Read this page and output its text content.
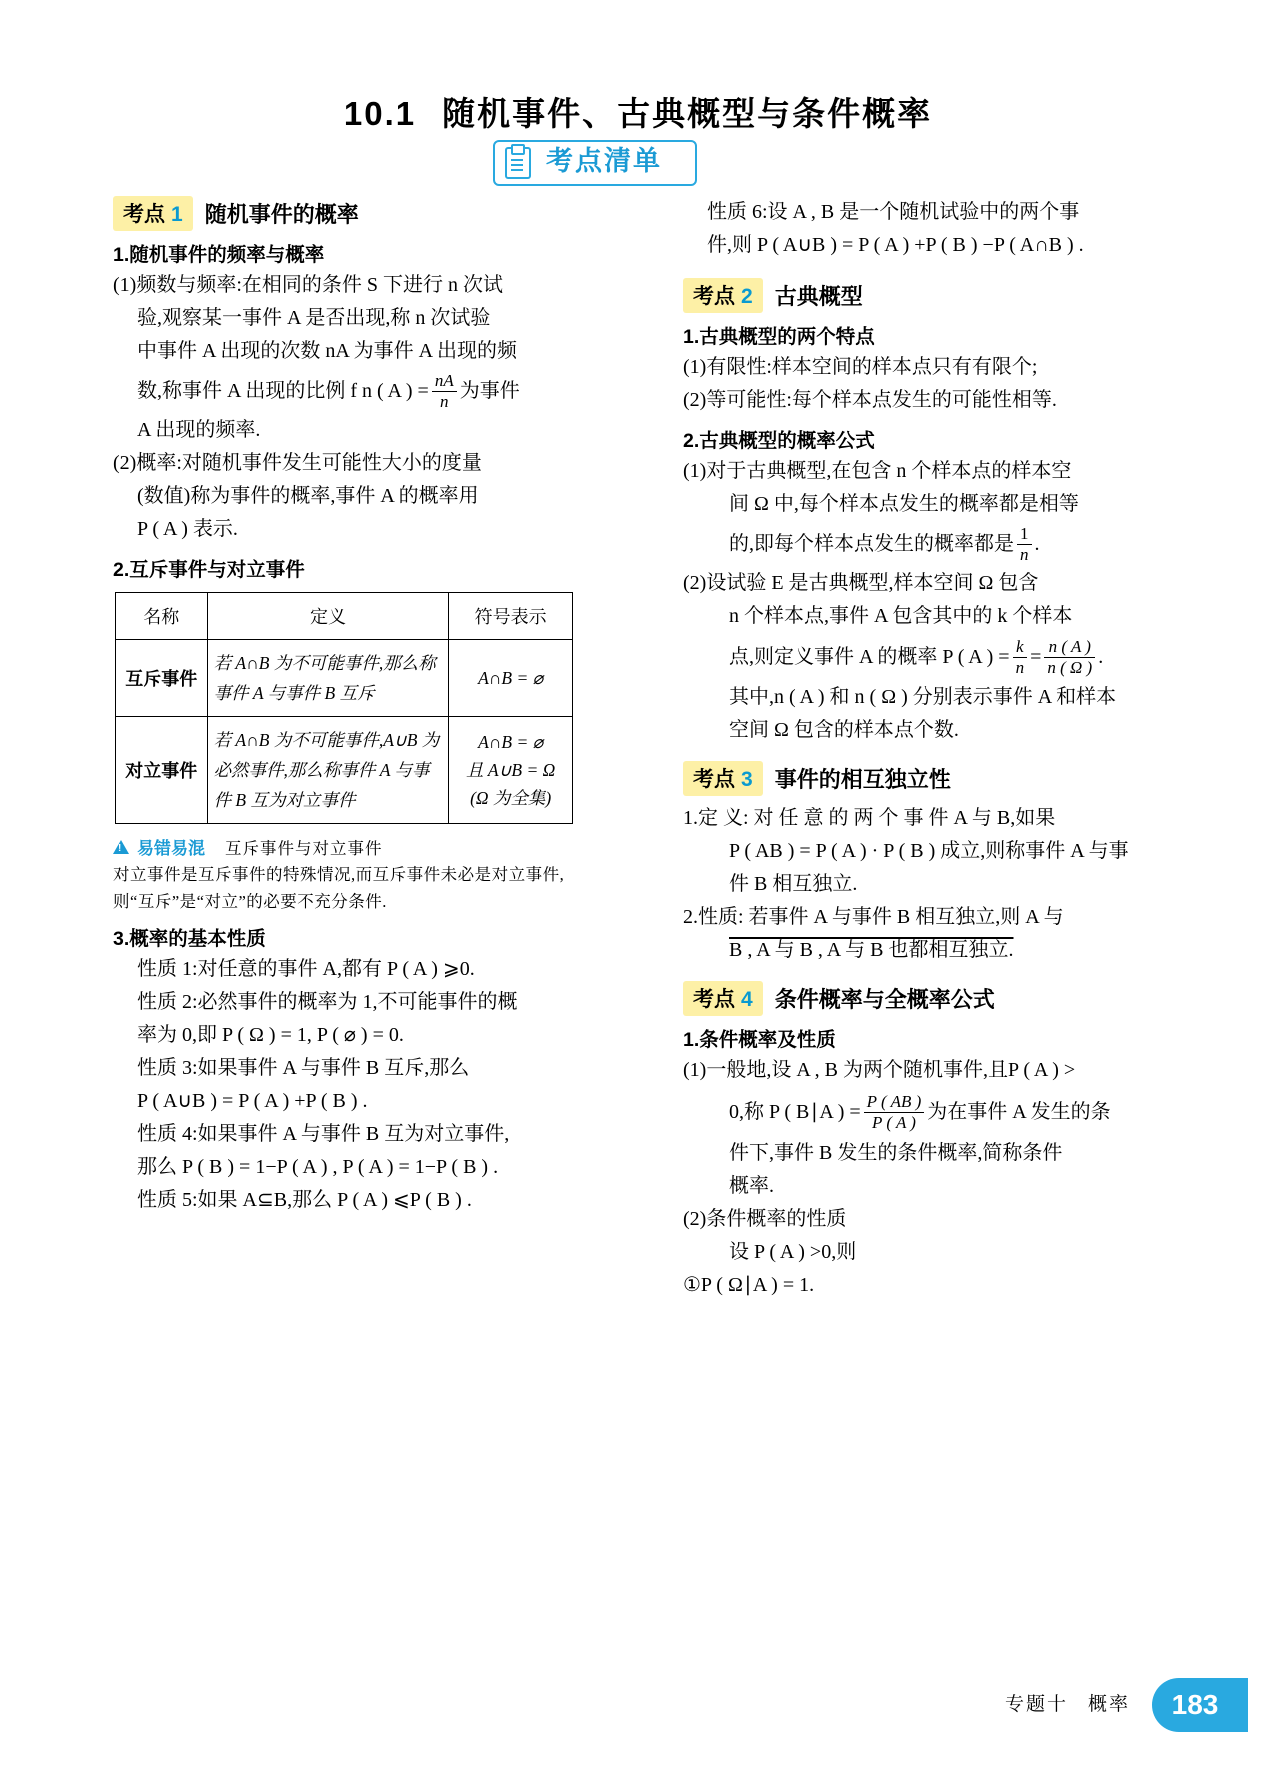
10.1 随机事件、古典概型与条件概率
考点清单
考点 1	随机事件的概率
1.随机事件的频率与概率

(1)频数与频率:在相同的条件 S 下进行 n 次试

验,观察某一事件 A 是否出现,称 n 次试验

中事件 A 出现的次数 nA 为事件 A 出现的频

数,称事件 A 出现的比例 f n ( A ) = $\frac{nA}{n}$ 为事件

A 出现的频率.

(2)概率:对随机事件发生可能性大小的度量

(数值)称为事件的概率,事件 A 的概率用

P ( A ) 表示.

2.互斥事件与对立事件
名称	定义	符号表示
互斥事件	若 A∩B 为不可能事件,那么称事件 A 与事件 B 互斥	A∩B = ⌀

对立事件	若 A∩B 为不可能事件,A∪B 为必然事件,那么称事件 A 与事件 B 互为对立事件	A∩B = ⌀
且 A∪B = Ω
(Ω 为全集)
!
易错易混 互斥事件与对立事件
对立事件是互斥事件的特殊情况,而互斥事件未必是对立事件,则“互斥”是“对立”的必要不充分条件.
3.概率的基本性质

性质 1:对任意的事件 A,都有 P ( A ) ⩾0.

性质 2:必然事件的概率为 1,不可能事件的概

率为 0,即 P ( Ω ) = 1, P ( ⌀ ) = 0.

性质 3:如果事件 A 与事件 B 互斥,那么

P ( A∪B ) = P ( A ) +P ( B ) .

性质 4:如果事件 A 与事件 B 互为对立事件,

那么 P ( B ) = 1−P ( A ) , P ( A ) = 1−P ( B ) .

性质 5:如果 A⊆B,那么 P ( A ) ⩽P ( B ) .

性质 6:设 A , B 是一个随机试验中的两个事

件,则 P ( A∪B ) = P ( A ) +P ( B ) −P ( A∩B ) .

考点 2	古典概型
1.古典概型的两个特点

(1)有限性:样本空间的样本点只有有限个;

(2)等可能性:每个样本点发生的可能性相等.

2.古典概型的概率公式

(1)对于古典概型,在包含 n 个样本点的样本空

间 Ω 中,每个样本点发生的概率都是相等

的,即每个样本点发生的概率都是 $\frac{1}{n}$ .

(2)设试验 E 是古典概型,样本空间 Ω 包含

n 个样本点,事件 A 包含其中的 k 个样本

点,则定义事件 A 的概率 P ( A ) = $\frac{k}{n} = \frac{n ( A )}{n ( \Omega )}$ .

其中,n ( A ) 和 n ( Ω ) 分别表示事件 A 和样本

空间 Ω 包含的样本点个数.

考点 3	事件的相互独立性

1.定 义: 对 任 意 的 两 个 事 件 A 与 B,如果

P ( AB ) = P ( A ) · P ( B ) 成立,则称事件 A 与事

件 B 相互独立.

2.性质: 若事件 A 与事件 B 相互独立,则 A 与

B , A 与 B , A 与 B 也都相互独立.

考点 4	条件概率与全概率公式
1.条件概率及性质

(1)一般地,设 A , B 为两个随机事件,且P ( A ) >

0,称 P ( B∣A ) = $\frac{P ( AB )}{P ( A )}$ 为在事件 A 发生的条

件下,事件 B 发生的条件概率,简称条件

概率.

(2)条件概率的性质

设 P ( A ) >0,则

①P ( Ω∣A ) = 1.

专题十 概率	183
